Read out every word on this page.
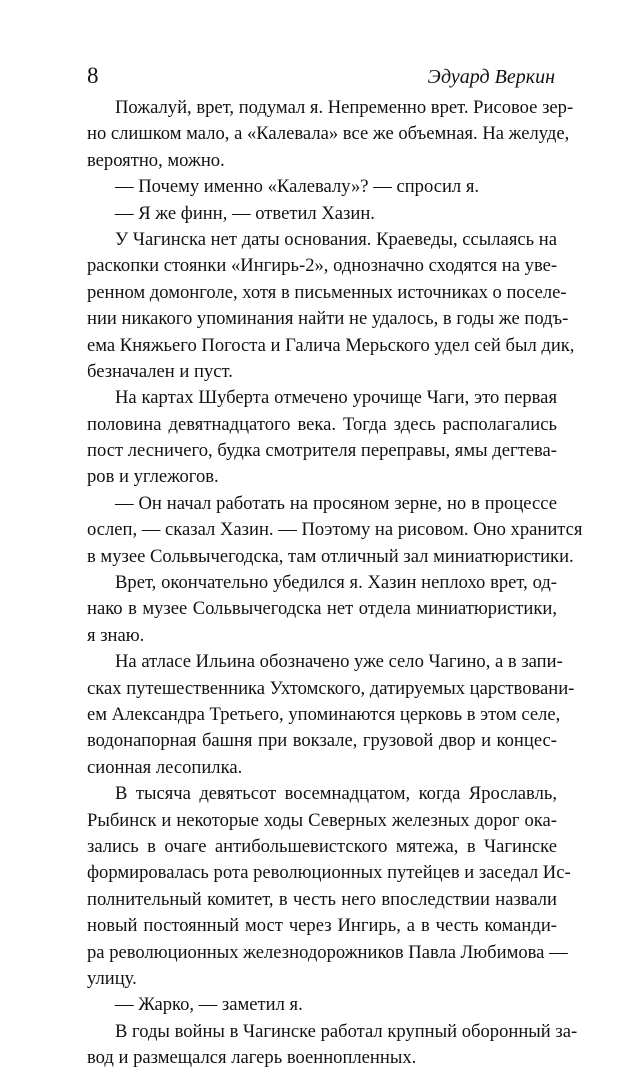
8	Эдуард Веркин
Пожалуй, врет, подумал я. Непременно врет. Рисовое зер-
но слишком мало, а «Калевала» все же объемная. На желуде,
вероятно, можно.
— Почему именно «Калевалу»? — спросил я.
— Я же финн, — ответил Хазин.
У Чагинска нет даты основания. Краеведы, ссылаясь на
раскопки стоянки «Ингирь-2», однозначно сходятся на уве-
ренном домонголе, хотя в письменных источниках о поселе-
нии никакого упоминания найти не удалось, в годы же подъ-
ема Княжьего Погоста и Галича Мерьского удел сей был дик,
безначален и пуст.
На картах Шуберта отмечено урочище Чаги, это первая
половина девятнадцатого века. Тогда здесь располагались
пост лесничего, будка смотрителя переправы, ямы дегтева-
ров и углежогов.
— Он начал работать на просяном зерне, но в процессе
ослеп, — сказал Хазин. — Поэтому на рисовом. Оно хранится
в музее Сольвычегодска, там отличный зал миниатюристики.
Врет, окончательно убедился я. Хазин неплохо врет, од-
нако в музее Сольвычегодска нет отдела миниатюристики,
я знаю.
На атласе Ильина обозначено уже село Чагино, а в запи-
сках путешественника Ухтомского, датируемых царствовани-
ем Александра Третьего, упоминаются церковь в этом селе,
водонапорная башня при вокзале, грузовой двор и концес-
сионная лесопилка.
В тысяча девятьсот восемнадцатом, когда Ярославль,
Рыбинск и некоторые ходы Северных железных дорог ока-
зались в очаге антибольшевистского мятежа, в Чагинске
формировалась рота революционных путейцев и заседал Ис-
полнительный комитет, в честь него впоследствии назвали
новый постоянный мост через Ингирь, а в честь команди-
ра революционных железнодорожников Павла Любимова —
улицу.
— Жарко, — заметил я.
В годы войны в Чагинске работал крупный оборонный за-
вод и размещался лагерь военнопленных.
